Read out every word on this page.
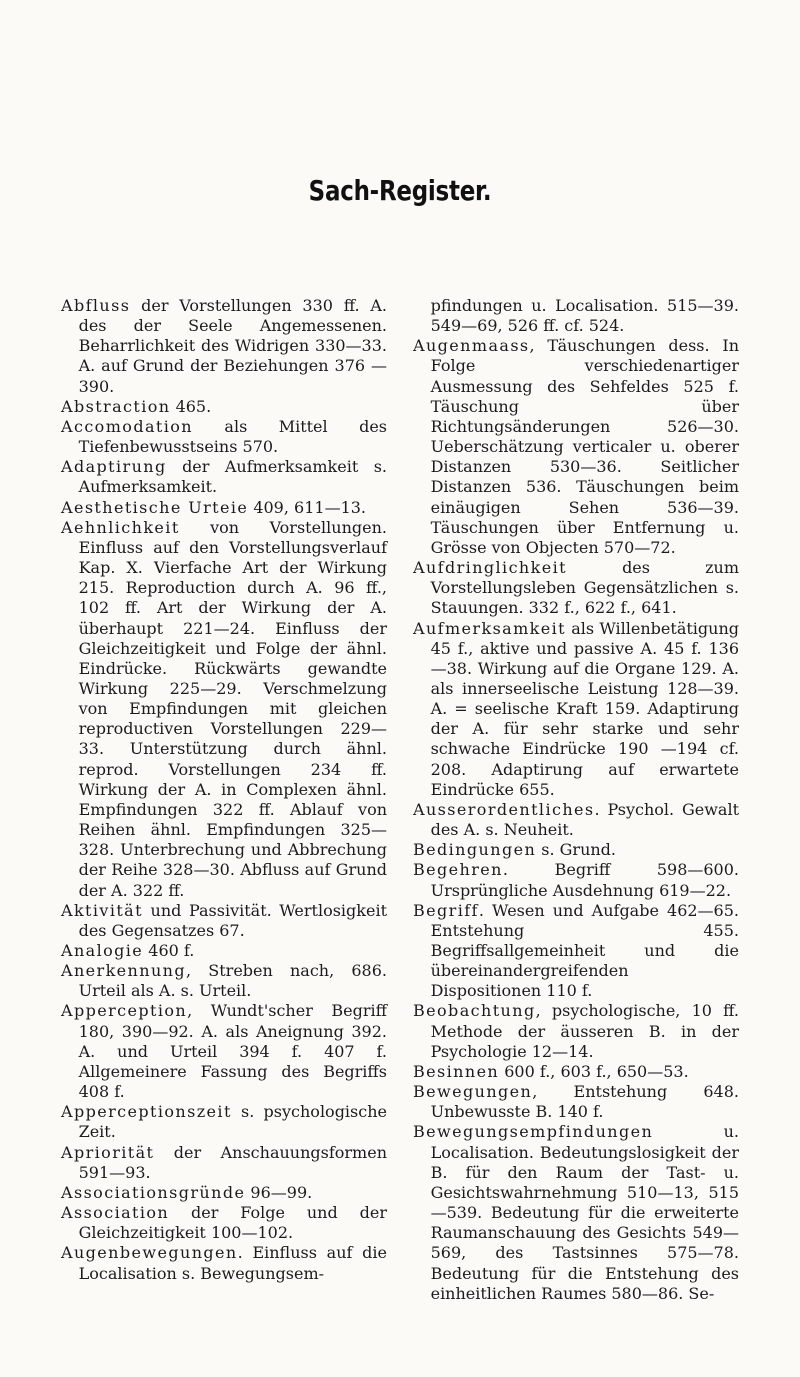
Sach-Register.

Abfluss der Vorstellungen 330 ff. A. des der Seele Angemessenen. Beharrlichkeit des Widrigen 330—33. A. auf Grund der Beziehungen 376 —390.

Abstraction 465.

Accomodation als Mittel des Tiefenbewusstseins 570.

Adaptirung der Aufmerksamkeit s. Aufmerksamkeit.

Aesthetische Urteie 409, 611—13.

Aehnlichkeit von Vorstellungen. Einfluss auf den Vorstellungsverlauf Kap. X. Vierfache Art der Wirkung 215. Reproduction durch A. 96 ff., 102 ff. Art der Wirkung der A. überhaupt 221—24. Einfluss der Gleichzeitigkeit und Folge der ähnl. Eindrücke. Rückwärts gewandte Wirkung 225—29. Verschmelzung von Empfindungen mit gleichen reproductiven Vorstellungen 229—33. Unterstützung durch ähnl. reprod. Vorstellungen 234 ff. Wirkung der A. in Complexen ähnl. Empfindungen 322 ff. Ablauf von Reihen ähnl. Empfindungen 325—328. Unterbrechung und Abbrechung der Reihe 328—30. Abfluss auf Grund der A. 322 ff.

Aktivität und Passivität. Wertlosigkeit des Gegensatzes 67.

Analogie 460 f.

Anerkennung, Streben nach, 686. Urteil als A. s. Urteil.

Apperception, Wundt'scher Begriff 180, 390—92. A. als Aneignung 392. A. und Urteil 394 f. 407 f. Allgemeinere Fassung des Begriffs 408 f.

Apperceptionszeit s. psychologische Zeit.

Apriorität der Anschauungsformen 591—93.

Associationsgründe 96—99.

Association der Folge und der Gleichzeitigkeit 100—102.

Augenbewegungen. Einfluss auf die Localisation s. Bewegungsem-

pfindungen u. Localisation. 515—39. 549—69, 526 ff. cf. 524.

Augenmaass, Täuschungen dess. In Folge verschiedenartiger Ausmessung des Sehfeldes 525 f. Täuschung über Richtungsänderungen 526—30. Ueberschätzung verticaler u. oberer Distanzen 530—36. Seitlicher Distanzen 536. Täuschungen beim einäugigen Sehen 536—39. Täuschungen über Entfernung u. Grösse von Objecten 570—72.

Aufdringlichkeit des zum Vorstellungsleben Gegensätzlichen s. Stauungen. 332 f., 622 f., 641.

Aufmerksamkeit als Willenbetätigung 45 f., aktive und passive A. 45 f. 136—38. Wirkung auf die Organe 129. A. als innerseelische Leistung 128—39. A. = seelische Kraft 159. Adaptirung der A. für sehr starke und sehr schwache Eindrücke 190 —194 cf. 208. Adaptirung auf erwartete Eindrücke 655.

Ausserordentliches. Psychol. Gewalt des A. s. Neuheit.

Bedingungen s. Grund.

Begehren. Begriff 598—600. Ursprüngliche Ausdehnung 619—22.

Begriff. Wesen und Aufgabe 462—65. Entstehung 455. Begriffsallgemeinheit und die übereinandergreifenden Dispositionen 110 f.

Beobachtung, psychologische, 10 ff. Methode der äusseren B. in der Psychologie 12—14.

Besinnen 600 f., 603 f., 650—53.

Bewegungen, Entstehung 648. Unbewusste B. 140 f.

Bewegungsempfindungen u. Localisation. Bedeutungslosigkeit der B. für den Raum der Tast- u. Gesichtswahrnehmung 510—13, 515—539. Bedeutung für die erweiterte Raumanschauung des Gesichts 549—569, des Tastsinnes 575—78. Bedeutung für die Entstehung des einheitlichen Raumes 580—86. Se-
